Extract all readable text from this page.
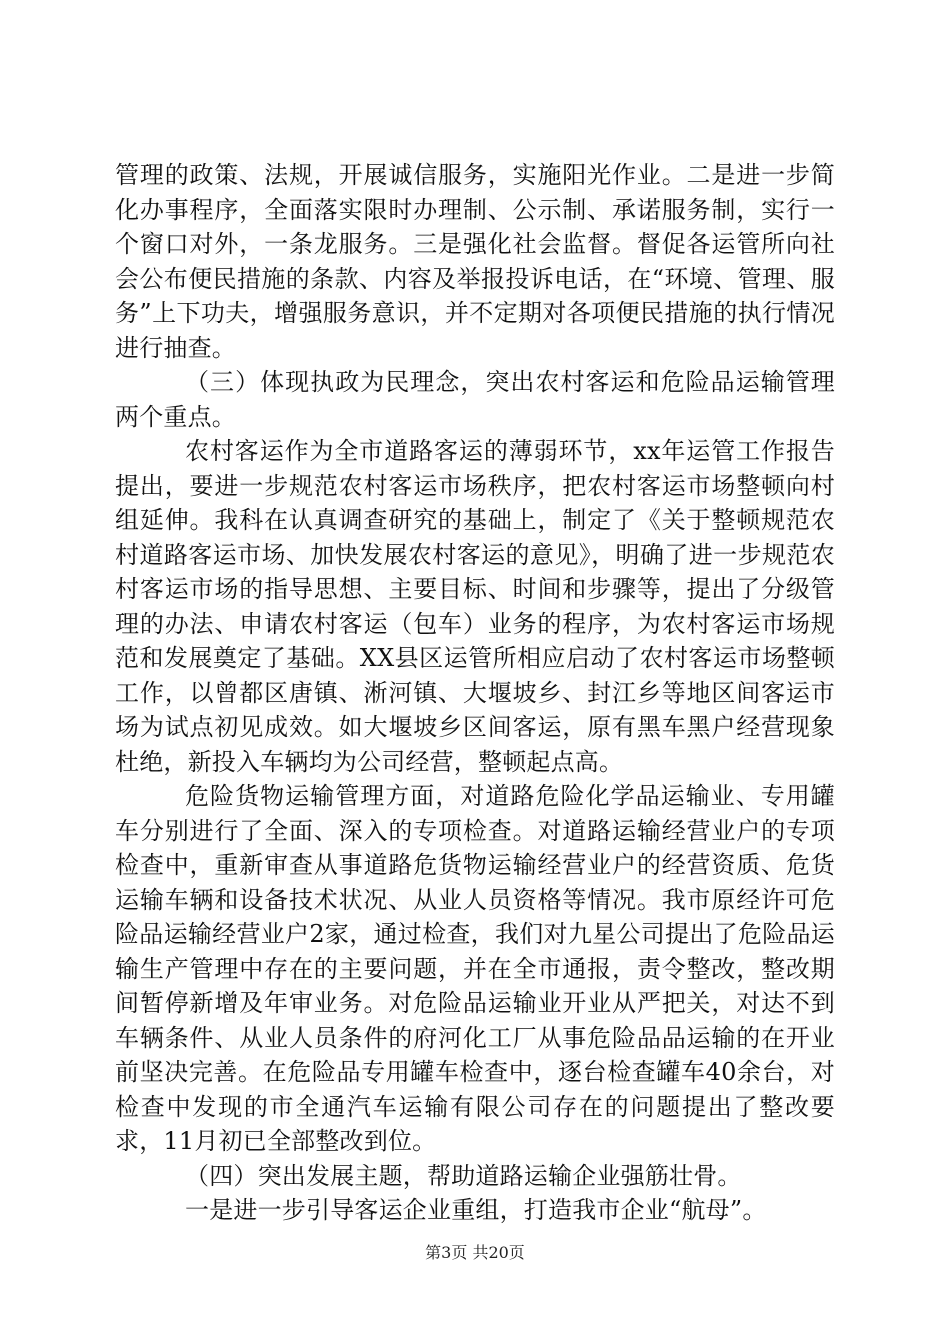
管理的政策、法规，开展诚信服务，实施阳光作业。二是进一步简化办事程序，全面落实限时办理制、公示制、承诺服务制，实行一个窗口对外，一条龙服务。三是强化社会监督。督促各运管所向社会公布便民措施的条款、内容及举报投诉电话，在“环境、管理、服务”上下功夫，增强服务意识，并不定期对各项便民措施的执行情况进行抽查。

（三）体现执政为民理念，突出农村客运和危险品运输管理两个重点。

农村客运作为全市道路客运的薄弱环节，xx年运管工作报告提出，要进一步规范农村客运市场秩序，把农村客运市场整顿向村组延伸。我科在认真调查研究的基础上，制定了《关于整顿规范农村道路客运市场、加快发展农村客运的意见》，明确了进一步规范农村客运市场的指导思想、主要目标、时间和步骤等，提出了分级管理的办法、申请农村客运（包车）业务的程序，为农村客运市场规范和发展奠定了基础。XX县区运管所相应启动了农村客运市场整顿工作，以曾都区唐镇、淅河镇、大堰坡乡、封江乡等地区间客运市场为试点初见成效。如大堰坡乡区间客运，原有黑车黑户经营现象杜绝，新投入车辆均为公司经营，整顿起点高。

危险货物运输管理方面，对道路危险化学品运输业、专用罐车分别进行了全面、深入的专项检查。对道路运输经营业户的专项检查中，重新审查从事道路危货物运输经营业户的经营资质、危货运输车辆和设备技术状况、从业人员资格等情况。我市原经许可危险品运输经营业户2家，通过检查，我们对九星公司提出了危险品运输生产管理中存在的主要问题，并在全市通报，责令整改，整改期间暂停新增及年审业务。对危险品运输业开业从严把关，对达不到车辆条件、从业人员条件的府河化工厂从事危险品品运输的在开业前坚决完善。在危险品专用罐车检查中，逐台检查罐车40余台，对检查中发现的市全通汽车运输有限公司存在的问题提出了整改要求，11月初已全部整改到位。

（四）突出发展主题，帮助道路运输企业强筋壮骨。

一是进一步引导客运企业重组，打造我市企业“航母”。

第3页 共20页
